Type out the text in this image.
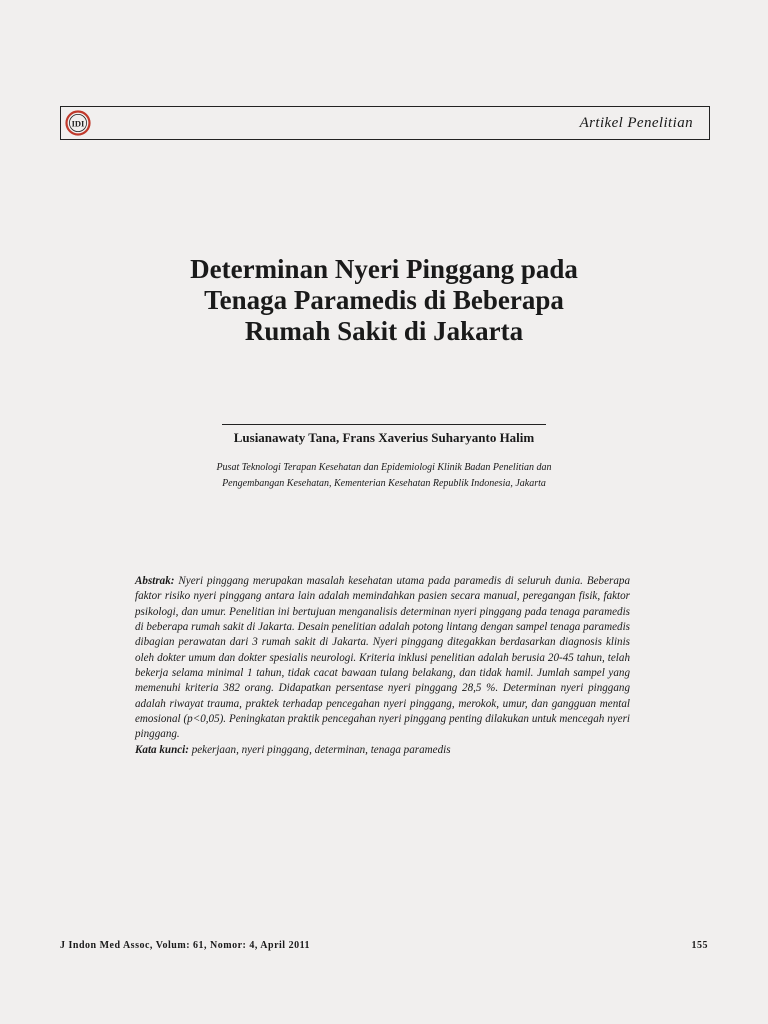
IDI	Artikel Penelitian
Determinan Nyeri Pinggang pada
Tenaga Paramedis di Beberapa
Rumah Sakit di Jakarta
Lusianawaty Tana, Frans Xaverius Suharyanto Halim
Pusat Teknologi Terapan Kesehatan dan Epidemiologi Klinik Badan Penelitian dan
Pengembangan Kesehatan, Kementerian Kesehatan Republik Indonesia, Jakarta
Abstrak: Nyeri pinggang merupakan masalah kesehatan utama pada paramedis di seluruh dunia. Beberapa faktor risiko nyeri pinggang antara lain adalah memindahkan pasien secara manual, peregangan fisik, faktor psikologi, dan umur. Penelitian ini bertujuan menganalisis determinan nyeri pinggang pada tenaga paramedis di beberapa rumah sakit di Jakarta. Desain penelitian adalah potong lintang dengan sampel tenaga paramedis dibagian perawatan dari 3 rumah sakit di Jakarta. Nyeri pinggang ditegakkan berdasarkan diagnosis klinis oleh dokter umum dan dokter spesialis neurologi. Kriteria inklusi penelitian adalah berusia 20-45 tahun, telah bekerja selama minimal 1 tahun, tidak cacat bawaan tulang belakang, dan tidak hamil. Jumlah sampel yang memenuhi kriteria 382 orang. Didapatkan persentase nyeri pinggang 28,5 %. Determinan nyeri pinggang adalah riwayat trauma, praktek terhadap pencegahan nyeri pinggang, merokok, umur, dan gangguan mental emosional (p<0,05). Peningkatan praktik pencegahan nyeri pinggang penting dilakukan untuk mencegah nyeri pinggang.
Kata kunci: pekerjaan, nyeri pinggang, determinan, tenaga paramedis
J Indon Med Assoc, Volum: 61, Nomor: 4, April 2011	155
